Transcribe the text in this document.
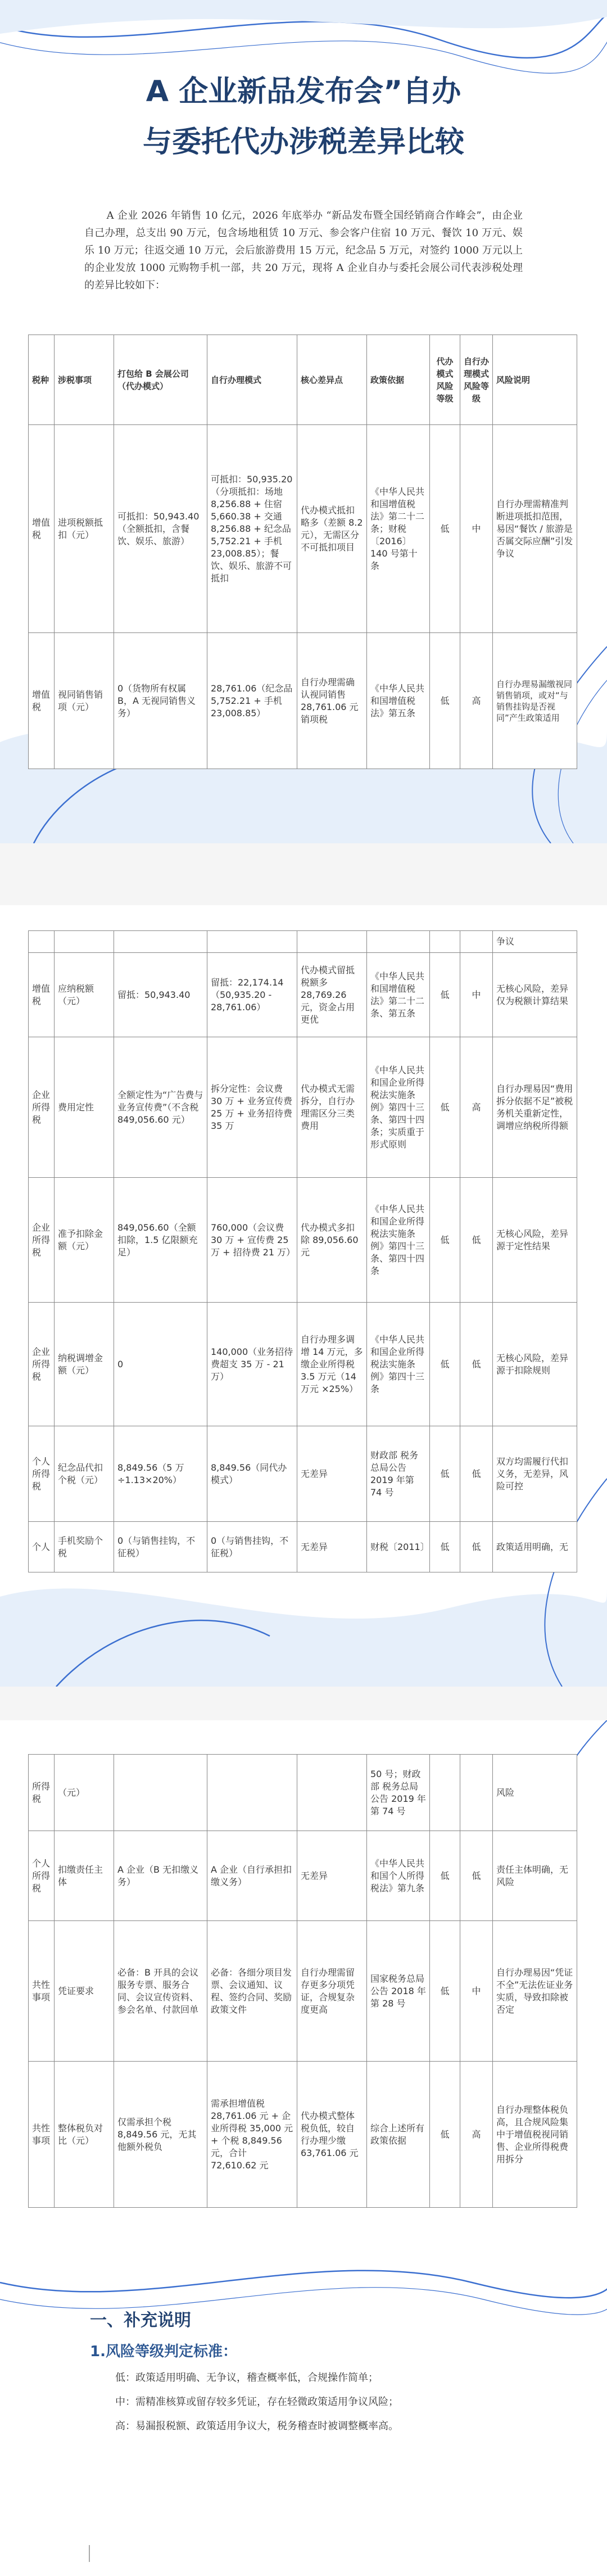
A 企业新品发布会”自办
与委托代办涉税差异比较
A 企业 2026 年销售 10 亿元，2026 年底举办 “新品发布暨全国经销商合作峰会”，由企业自己办理，总支出 90 万元，包含场地租赁 10 万元、参会客户住宿 10 万元、餐饮 10 万元、娱乐 10 万元；往返交通 10 万元，会后旅游费用 15 万元，纪念品 5 万元，对签约 1000 万元以上的企业发放 1000 元购物手机一部，共 20 万元，现将 A 企业自办与委托会展公司代表涉税处理的差异比较如下：
税种	涉税事项	打包给 B 会展公司
（代办模式）	自行办理模式	核心差异点	政策依据	代办模式风险等级	自行办理模式风险等级	风险说明
增值税	进项税额抵扣（元）	可抵扣：50,943.40（全额抵扣，含餐饮、娱乐、旅游）	可抵扣：50,935.20（分项抵扣：场地 8,256.88 + 住宿 5,660.38 + 交通 8,256.88 + 纪念品 5,752.21 + 手机 23,008.85）；餐饮、娱乐、旅游不可抵扣	代办模式抵扣略多（差额 8.2 元），无需区分不可抵扣项目	《中华人民共和国增值税法》第二十二条；财税〔2016〕140 号第十条	低	中	自行办理需精准判断进项抵扣范围，易因“餐饮 / 旅游是否属交际应酬”引发争议
增值税	视同销售销项（元）	0（货物所有权属 B，A 无视同销售义务）	28,761.06（纪念品 5,752.21 + 手机 23,008.85）	自行办理需确认视同销售 28,761.06 元销项税	《中华人民共和国增值税法》第五条	低	高	自行办理易漏缴视同销售销项，或对“与销售挂钩是否视同”产生政策适用
								争议
增值税	应纳税额（元）	留抵：50,943.40	留抵：22,174.14（50,935.20 - 28,761.06）	代办模式留抵税额多 28,769.26 元，资金占用更优	《中华人民共和国增值税法》第二十二条、第五条	低	中	无核心风险，差异仅为税额计算结果
企业所得税	费用定性	全额定性为“广告费与业务宣传费”（不含税 849,056.60 元）	拆分定性：会议费 30 万 + 业务宣传费 25 万 + 业务招待费 35 万	代办模式无需拆分，自行办理需区分三类费用	《中华人民共和国企业所得税法实施条例》第四十三条、第四十四条；实质重于形式原则	低	高	自行办理易因“费用拆分依据不足”被税务机关重新定性，调增应纳税所得额
企业所得税	准予扣除金额（元）	849,056.60（全额扣除，1.5 亿限额充足）	760,000（会议费 30 万 + 宣传费 25 万 + 招待费 21 万）	代办模式多扣除 89,056.60 元	《中华人民共和国企业所得税法实施条例》第四十三条、第四十四条	低	低	无核心风险，差异源于定性结果
企业所得税	纳税调增金额（元）	0	140,000（业务招待费超支 35 万 - 21 万）	自行办理多调增 14 万元，多缴企业所得税 3.5 万元（14 万元 ×25%）	《中华人民共和国企业所得税法实施条例》第四十三条	低	低	无核心风险，差异源于扣除规则
个人所得税	纪念品代扣个税（元）	8,849.56（5 万 ÷1.13×20%）	8,849.56（同代办模式）	无差异	财政部 税务总局公告 2019 年第 74 号	低	低	双方均需履行代扣义务，无差异，风险可控
个人	手机奖励个税	0（与销售挂钩，不征税）	0（与销售挂钩，不征税）	无差异	财税〔2011〕	低	低	政策适用明确，无
所得税	（元）				50 号；财政部 税务总局公告 2019 年第 74 号			风险
个人所得税	扣缴责任主体	A 企业（B 无扣缴义务）	A 企业（自行承担扣缴义务）	无差异	《中华人民共和国个人所得税法》第九条	低	低	责任主体明确，无风险
共性事项	凭证要求	必备：B 开具的会议服务专票、服务合同、会议宣传资料、参会名单、付款回单	必备：各细分项目发票、会议通知、议程、签约合同、奖励政策文件	自行办理需留存更多分项凭证，合规复杂度更高	国家税务总局公告 2018 年第 28 号	低	中	自行办理易因“凭证不全”无法佐证业务实质，导致扣除被否定
共性事项	整体税负对比（元）	仅需承担个税 8,849.56 元，无其他额外税负	需承担增值税 28,761.06 元 + 企业所得税 35,000 元 + 个税 8,849.56 元，合计 72,610.62 元	代办模式整体税负低，较自行办理少缴 63,761.06 元	综合上述所有政策依据	低	高	自行办理整体税负高，且合规风险集中于增值税视同销售、企业所得税费用拆分
一、补充说明
1.风险等级判定标准：
低：政策适用明确、无争议，稽查概率低，合规操作简单；
中：需精准核算或留存较多凭证，存在轻微政策适用争议风险；
高：易漏报税额、政策适用争议大，税务稽查时被调整概率高。
